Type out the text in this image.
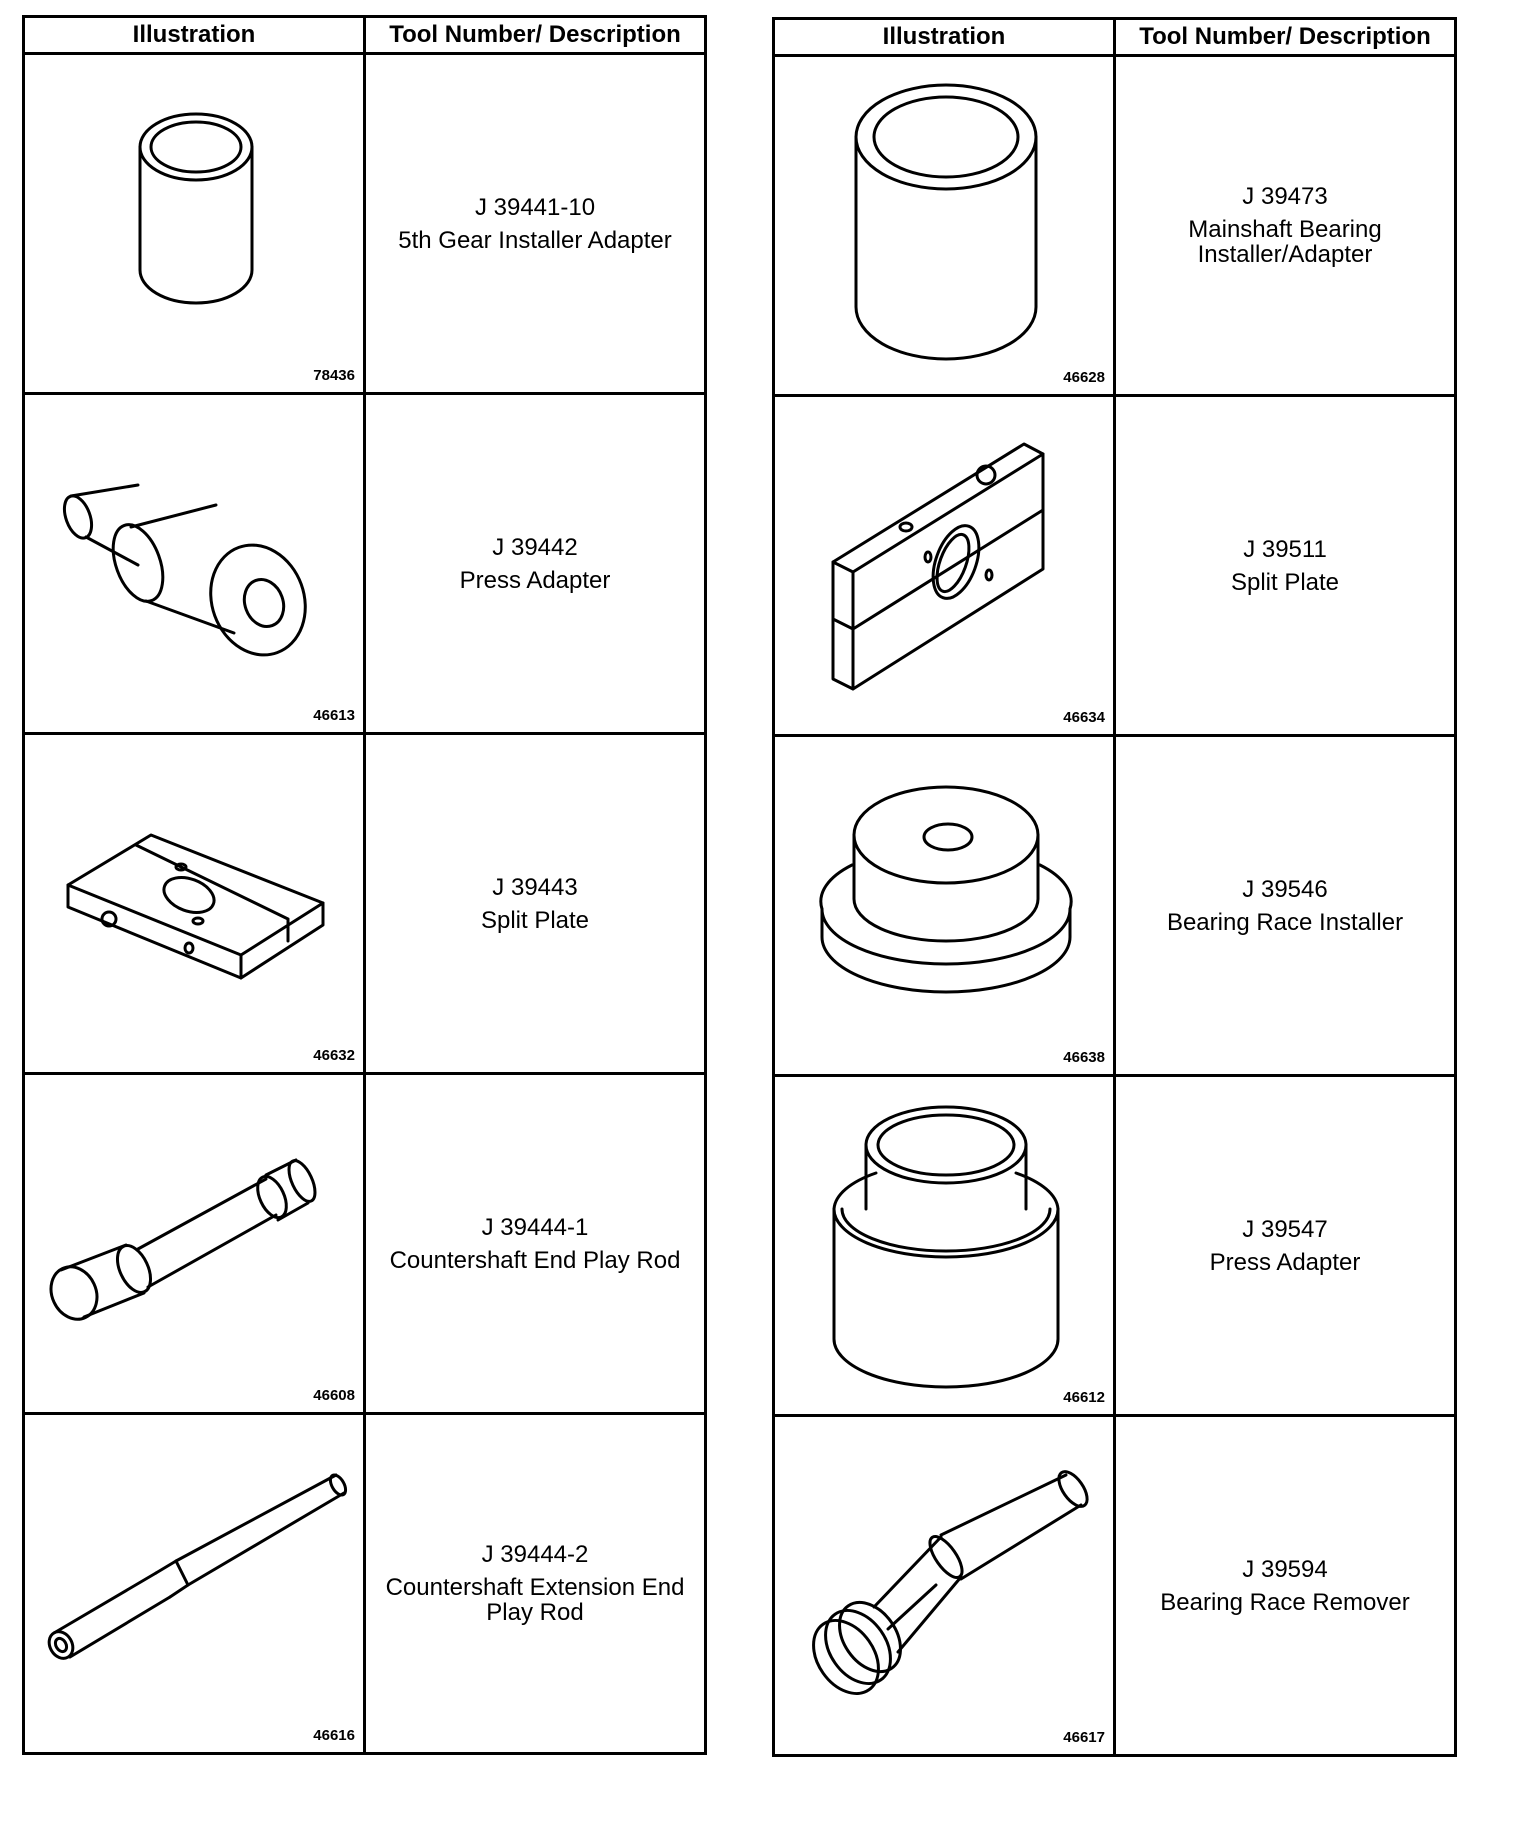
Illustration	Tool Number/ Description

78436	J 39441-10
5th Gear Installer Adapter

46613	J 39442
Press Adapter

46632	J 39443
Split Plate

46608	J 39444-1
Countershaft End Play Rod

46616	J 39444-2
Countershaft Extension End Play Rod
Illustration	Tool Number/ Description

46628	J 39473
Mainshaft Bearing Installer/Adapter

46634	J 39511
Split Plate

46638	J 39546
Bearing Race Installer

46612	J 39547
Press Adapter

46617	J 39594
Bearing Race Remover
